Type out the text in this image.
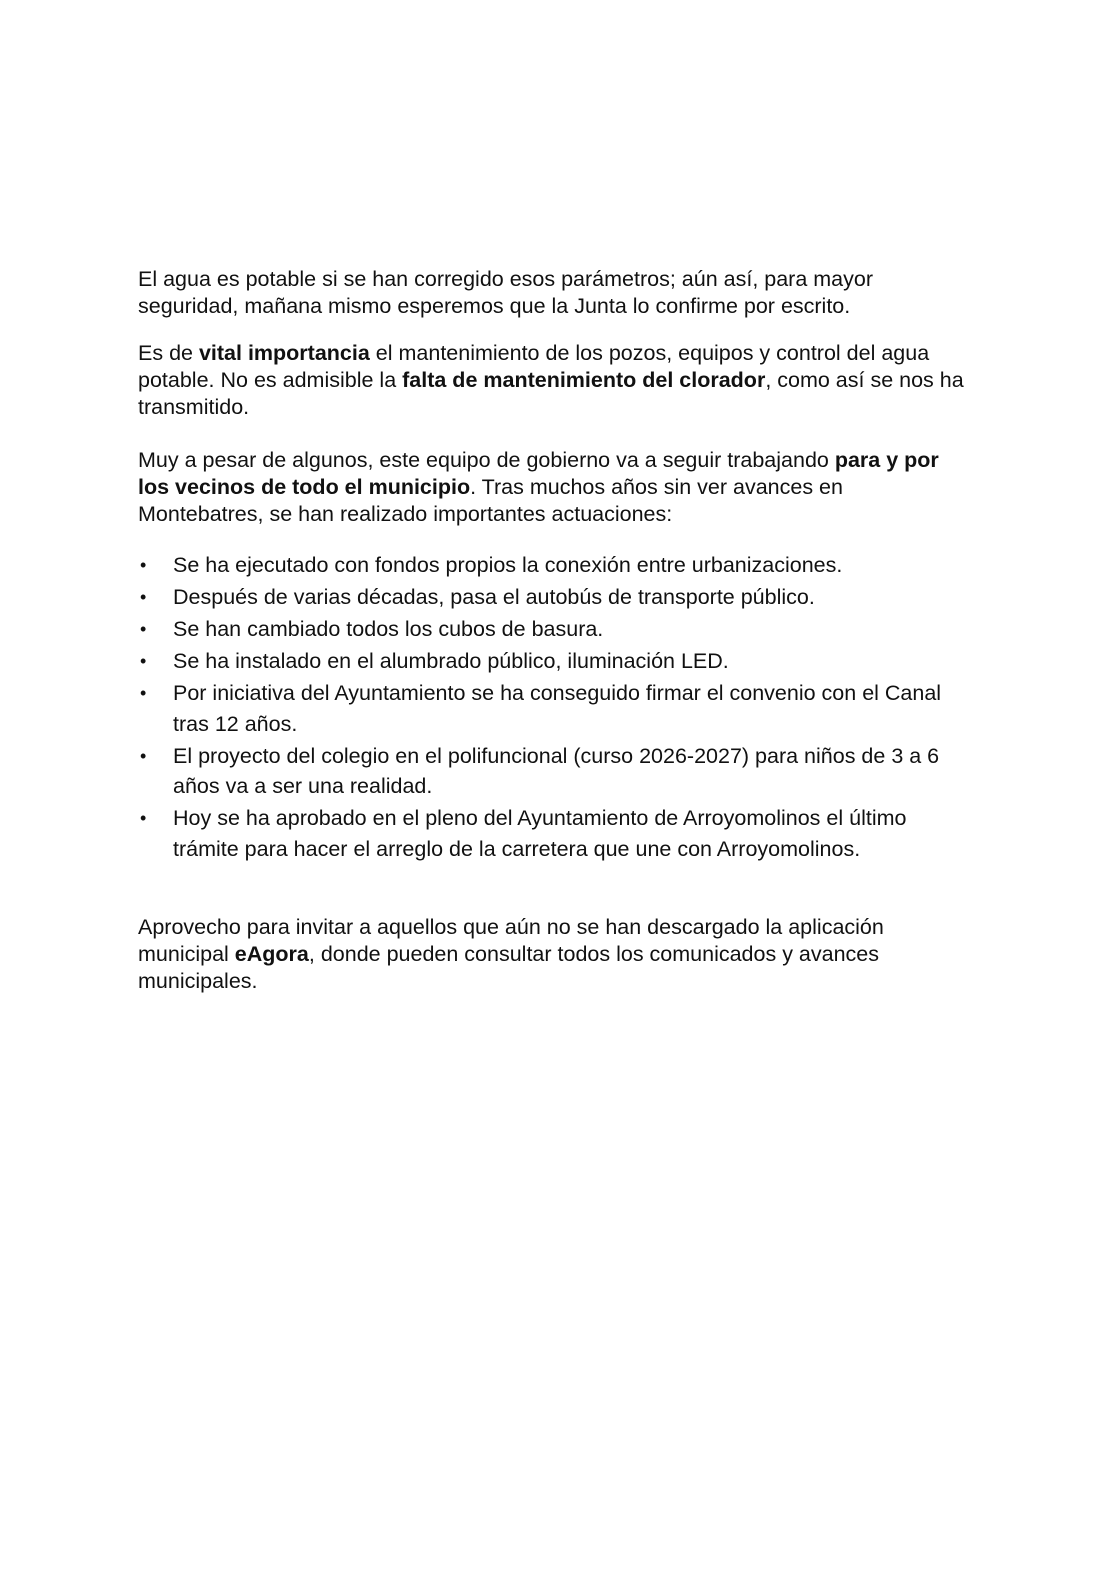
El agua es potable si se han corregido esos parámetros; aún así, para mayor seguridad, mañana mismo esperemos que la Junta lo confirme por escrito.

Es de vital importancia el mantenimiento de los pozos, equipos y control del agua potable. No es admisible la falta de mantenimiento del clorador, como así se nos ha transmitido.

Muy a pesar de algunos, este equipo de gobierno va a seguir trabajando para y por los vecinos de todo el municipio. Tras muchos años sin ver avances en Montebatres, se han realizado importantes actuaciones:

• Se ha ejecutado con fondos propios la conexión entre urbanizaciones.
• Después de varias décadas, pasa el autobús de transporte público.
• Se han cambiado todos los cubos de basura.
• Se ha instalado en el alumbrado público, iluminación LED.
• Por iniciativa del Ayuntamiento se ha conseguido firmar el convenio con el Canal tras 12 años.
• El proyecto del colegio en el polifuncional (curso 2026-2027) para niños de 3 a 6 años va a ser una realidad.
• Hoy se ha aprobado en el pleno del Ayuntamiento de Arroyomolinos el último trámite para hacer el arreglo de la carretera que une con Arroyomolinos.

Aprovecho para invitar a aquellos que aún no se han descargado la aplicación municipal eAgora, donde pueden consultar todos los comunicados y avances municipales.
